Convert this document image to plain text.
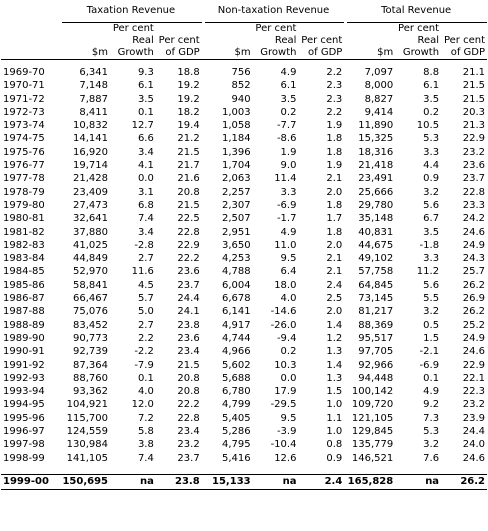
	Taxation Revenue				Non-taxation Revenue				Total Revenue		
		Per cent				Per cent				Per cent	
		Real	Per cent			Real	Per cent			Real	Per cent
	$m	Growth	of GDP		$m	Growth	of GDP		$m	Growth	of GDP

1969-70	6,341	9.3	18.8		756	4.9	2.2		7,097	8.8	21.1
1970-71	7,148	6.1	19.2		852	6.1	2.3		8,000	6.1	21.5
1971-72	7,887	3.5	19.2		940	3.5	2.3		8,827	3.5	21.5
1972-73	8,411	0.1	18.2		1,003	0.2	2.2		9,414	0.2	20.3
1973-74	10,832	12.7	19.4		1,058	-7.7	1.9		11,890	10.5	21.3
1974-75	14,141	6.6	21.2		1,184	-8.6	1.8		15,325	5.3	22.9
1975-76	16,920	3.4	21.5		1,396	1.9	1.8		18,316	3.3	23.2
1976-77	19,714	4.1	21.7		1,704	9.0	1.9		21,418	4.4	23.6
1977-78	21,428	0.0	21.6		2,063	11.4	2.1		23,491	0.9	23.7
1978-79	23,409	3.1	20.8		2,257	3.3	2.0		25,666	3.2	22.8
1979-80	27,473	6.8	21.5		2,307	-6.9	1.8		29,780	5.6	23.3
1980-81	32,641	7.4	22.5		2,507	-1.7	1.7		35,148	6.7	24.2
1981-82	37,880	3.4	22.8		2,951	4.9	1.8		40,831	3.5	24.6
1982-83	41,025	-2.8	22.9		3,650	11.0	2.0		44,675	-1.8	24.9
1983-84	44,849	2.7	22.2		4,253	9.5	2.1		49,102	3.3	24.3
1984-85	52,970	11.6	23.6		4,788	6.4	2.1		57,758	11.2	25.7
1985-86	58,841	4.5	23.7		6,004	18.0	2.4		64,845	5.6	26.2
1986-87	66,467	5.7	24.4		6,678	4.0	2.5		73,145	5.5	26.9
1987-88	75,076	5.0	24.1		6,141	-14.6	2.0		81,217	3.2	26.2
1988-89	83,452	2.7	23.8		4,917	-26.0	1.4		88,369	0.5	25.2
1989-90	90,773	2.2	23.6		4,744	-9.4	1.2		95,517	1.5	24.9
1990-91	92,739	-2.2	23.4		4,966	0.2	1.3		97,705	-2.1	24.6
1991-92	87,364	-7.9	21.5		5,602	10.3	1.4		92,966	-6.9	22.9
1992-93	88,760	0.1	20.8		5,688	0.0	1.3		94,448	0.1	22.1
1993-94	93,362	4.0	20.8		6,780	17.9	1.5		100,142	4.9	22.3
1994-95	104,921	12.0	22.2		4,799	-29.5	1.0		109,720	9.2	23.2
1995-96	115,700	7.2	22.8		5,405	9.5	1.1		121,105	7.3	23.9
1996-97	124,559	5.8	23.4		5,286	-3.9	1.0		129,845	5.3	24.4
1997-98	130,984	3.8	23.2		4,795	-10.4	0.8		135,779	3.2	24.0
1998-99	141,105	7.4	23.7		5,416	12.6	0.9		146,521	7.6	24.6

1999-00	150,695	na	23.8		15,133	na	2.4		165,828	na	26.2
